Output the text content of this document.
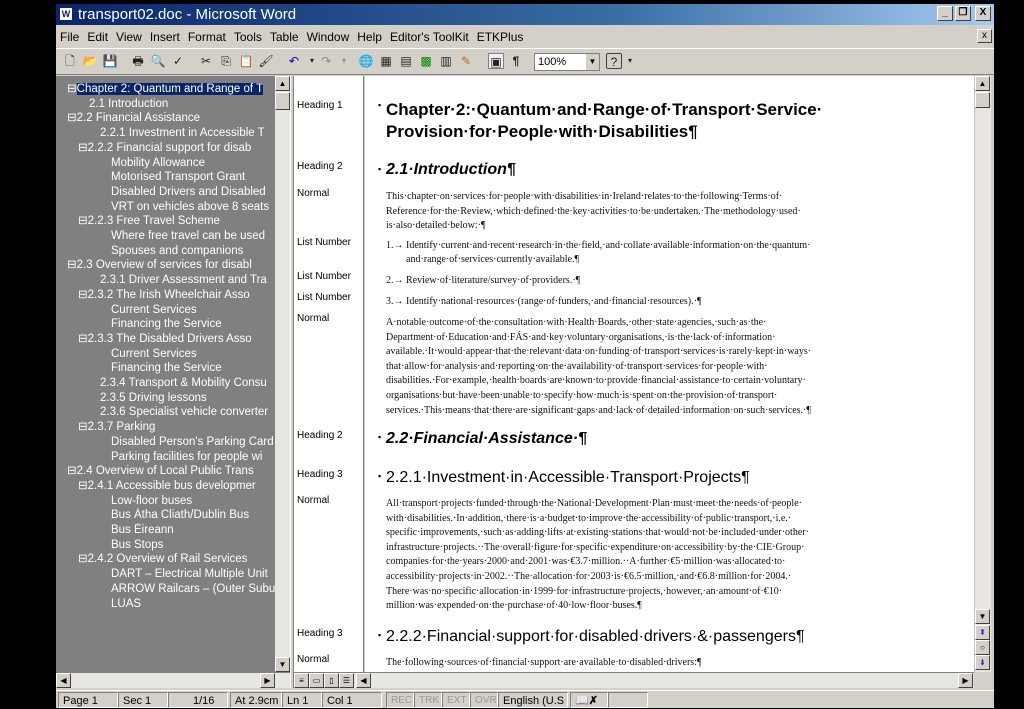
W transport02.doc - Microsoft Word	_	❐	X
File Edit View Insert Format Tools Table Window Help Editor's ToolKit ETKPlus	x
🗋 📂 💾 🖶 🔍 ✓ ✂ ⎘ 📋 🖌 ↶	▾ ↷	▾	🌐 ▦ ▤ ▩ ▥ ✎ ▣ ¶	100%	▼	?	▾
⊟Chapter 2: Quantum and Range of T
2.1 Introduction
⊟2.2 Financial Assistance
2.2.1 Investment in Accessible T
⊟2.2.2 Financial support for disab
Mobility Allowance
Motorised Transport Grant
Disabled Drivers and Disabled
VRT on vehicles above 8 seats
⊟2.2.3 Free Travel Scheme
Where free travel can be used
Spouses and companions
⊟2.3 Overview of services for disabl
2.3.1 Driver Assessment and Tra
⊟2.3.2 The Irish Wheelchair Asso
Current Services
Financing the Service
⊟2.3.3 The Disabled Drivers Asso
Current Services
Financing the Service
2.3.4 Transport & Mobility Consu
2.3.5 Driving lessons
2.3.6 Specialist vehicle converter
⊟2.3.7 Parking
Disabled Person's Parking Card
Parking facilities for people wi
⊟2.4 Overview of Local Public Trans
⊟2.4.1 Accessible bus developmer
Low-floor buses
Bus Átha Cliath/Dublin Bus
Bus Éireann
Bus Stops
⊟2.4.2 Overview of Rail Services
DART – Electrical Multiple Unit
ARROW Railcars – (Outer Subu
LUAS
▲
▼
◀	▶
Heading 1
Heading 2
Normal
List Number
List Number
List Number
Normal
Heading 2
Heading 3
Normal
Heading 3
Normal
▪ Chapter·2:·Quantum·and·Range·of·Transport·Service· Provision·for·People·with·Disabilities¶
▪ 2.1·Introduction¶
This·chapter·on·services·for·people·with·disabilities·in·Ireland·relates·to·the·following·Terms·of· Reference·for·the·Review,·which·defined·the·key·activities·to·be·undertaken.·The·methodology·used· is·also·detailed·below:·¶
1.→ Identify·current·and·recent·research·in·the·field,·and·collate·available·information·on·the·quantum· and·range·of·services·currently·available.¶
2.→ Review·of·literature/survey·of·providers.·¶
3.→ Identify·national·resources·(range·of·funders,·and·financial·resources).·¶
A·notable·outcome·of·the·consultation·with·Health·Boards,·other·state·agencies,·such·as·the· Department·of·Education·and·FÁS·and·key·voluntary·organisations,·is·the·lack·of·information· available.·It·would·appear·that·the·relevant·data·on·funding·of·transport·services·is·rarely·kept·in·ways· that·allow·for·analysis·and·reporting·on·the·availability·of·transport·services·for·people·with· disabilities.·For·example,·health·boards·are·known·to·provide·financial·assistance·to·certain·voluntary· organisations·but·have·been·unable·to·specify·how·much·is·spent·on·the·provision·of·transport· services.·This·means·that·there·are·significant·gaps·and·lack·of·detailed·information·on·such·services.·¶
▪ 2.2·Financial·Assistance·¶
▪ 2.2.1·Investment·in·Accessible·Transport·Projects¶
All·transport·projects·funded·through·the·National·Development·Plan·must·meet·the·needs·of·people· with·disabilities.·In·addition,·there·is·a·budget·to·improve·the·accessibility·of·public·transport,·i.e.· specific·improvements,·such·as·adding·lifts·at·existing·stations·that·would·not·be·included·under·other· infrastructure·projects.··The·overall·figure·for·specific·expenditure·on·accessibility·by·the·CIE·Group· companies·for·the·years·2000·and·2001·was·€3.7·million.··A·further·€5·million·was·allocated·to· accessibility·projects·in·2002.··The·allocation·for·2003·is·€6.5·million,·and·€6.8·million·for·2004.· There·was·no·specific·allocation·in·1999·for·infrastructure·projects,·however,·an·amount·of·€10· million·was·expended·on·the·purchase·of·40·low·floor·buses.¶
▪ 2.2.2·Financial·support·for·disabled·drivers·&·passengers¶
The·following·sources·of·financial·support·are·available·to·disabled·drivers:¶
▲
▼
⇞
○
⇟
≡	▭	▯	☰	◀	▶
Page 1	Sec 1	1/16	At 2.9cm Ln 1	Col 1	REC TRK EXT OVR English (U.S 📖✗
